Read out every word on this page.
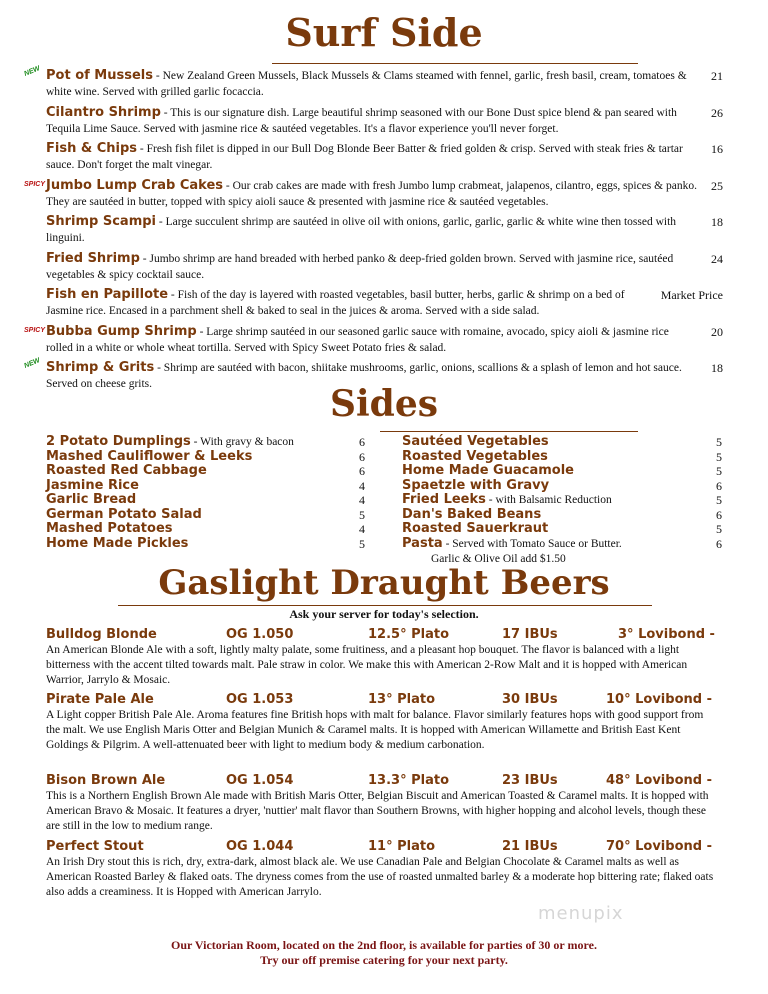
Surf Side
NEW Pot of Mussels - New Zealand Green Mussels, Black Mussels & Clams steamed with fennel, garlic, fresh basil, cream, tomatoes & white wine. Served with grilled garlic focaccia.
21
Cilantro Shrimp - This is our signature dish. Large beautiful shrimp seasoned with our Bone Dust spice blend & pan seared with Tequila Lime Sauce. Served with jasmine rice & sautéed vegetables. It's a flavor experience you'll never forget.
26
Fish & Chips - Fresh fish filet is dipped in our Bull Dog Blonde Beer Batter & fried golden & crisp. Served with steak fries & tartar sauce. Don't forget the malt vinegar.
16
SPICY Jumbo Lump Crab Cakes - Our crab cakes are made with fresh Jumbo lump crabmeat, jalapenos, cilantro, eggs, spices & panko. They are sautéed in butter, topped with spicy aioli sauce & presented with jasmine rice & sautéed vegetables.
25
Shrimp Scampi - Large succulent shrimp are sautéed in olive oil with onions, garlic, garlic, garlic & white wine then tossed with linguini.
18
Fried Shrimp - Jumbo shrimp are hand breaded with herbed panko & deep-fried golden brown. Served with jasmine rice, sautéed vegetables & spicy cocktail sauce.
24
Fish en Papillote - Fish of the day is layered with roasted vegetables, basil butter, herbs, garlic & shrimp on a bed of Jasmine rice. Encased in a parchment shell & baked to seal in the juices & aroma. Served with a side salad.
Market Price
SPICY Bubba Gump Shrimp - Large shrimp sautéed in our seasoned garlic sauce with romaine, avocado, spicy aioli & jasmine rice rolled in a white or whole wheat tortilla. Served with Spicy Sweet Potato fries & salad.
20
NEW Shrimp & Grits - Shrimp are sautéed with bacon, shiitake mushrooms, garlic, onions, scallions & a splash of lemon and hot sauce. Served on cheese grits.
18
Sides
2 Potato Dumplings - With gravy & bacon	6
Mashed Cauliflower & Leeks	6
Roasted Red Cabbage	6
Jasmine Rice	4
Garlic Bread	4
German Potato Salad	5
Mashed Potatoes	4
Home Made Pickles	5
Sautéed Vegetables	5
Roasted Vegetables	5
Home Made Guacamole	5
Spaetzle with Gravy	6
Fried Leeks - with Balsamic Reduction	5
Dan's Baked Beans	6
Roasted Sauerkraut	5
Pasta - Served with Tomato Sauce or Butter.	6
Garlic & Olive Oil add $1.50
Gaslight Draught Beers
Ask your server for today's selection.
Bulldog Blonde	OG 1.050	12.5° Plato	17 IBUs	3° Lovibond -
An American Blonde Ale with a soft, lightly malty palate, some fruitiness, and a pleasant hop bouquet. The flavor is balanced with a light bitterness with the accent tilted towards malt. Pale straw in color. We make this with American 2-Row Malt and it is hopped with American Warrior, Jarrylo & Mosaic.
Pirate Pale Ale	OG 1.053	13° Plato	30 IBUs	10° Lovibond -
A Light copper British Pale Ale. Aroma features fine British hops with malt for balance. Flavor similarly features hops with good support from the malt. We use English Maris Otter and Belgian Munich & Caramel malts. It is hopped with American Willamette and British East Kent Goldings & Pilgrim. A well-attenuated beer with light to medium body & medium carbonation.
Bison Brown Ale	OG 1.054	13.3° Plato	23 IBUs	48° Lovibond -
This is a Northern English Brown Ale made with British Maris Otter, Belgian Biscuit and American Toasted & Caramel malts. It is hopped with American Bravo & Mosaic. It features a dryer, 'nuttier' malt flavor than Southern Browns, with higher hopping and alcohol levels, though these are still in the low to medium range.
Perfect Stout	OG 1.044	11° Plato	21 IBUs	70° Lovibond -
An Irish Dry stout this is rich, dry, extra-dark, almost black ale. We use Canadian Pale and Belgian Chocolate & Caramel malts as well as American Roasted Barley & flaked oats. The dryness comes from the use of roasted unmalted barley & a moderate hop bittering rate; flaked oats also adds a creaminess. It is Hopped with American Jarrylo.
menupix
Our Victorian Room, located on the 2nd floor, is available for parties of 30 or more.
Try our off premise catering for your next party.
